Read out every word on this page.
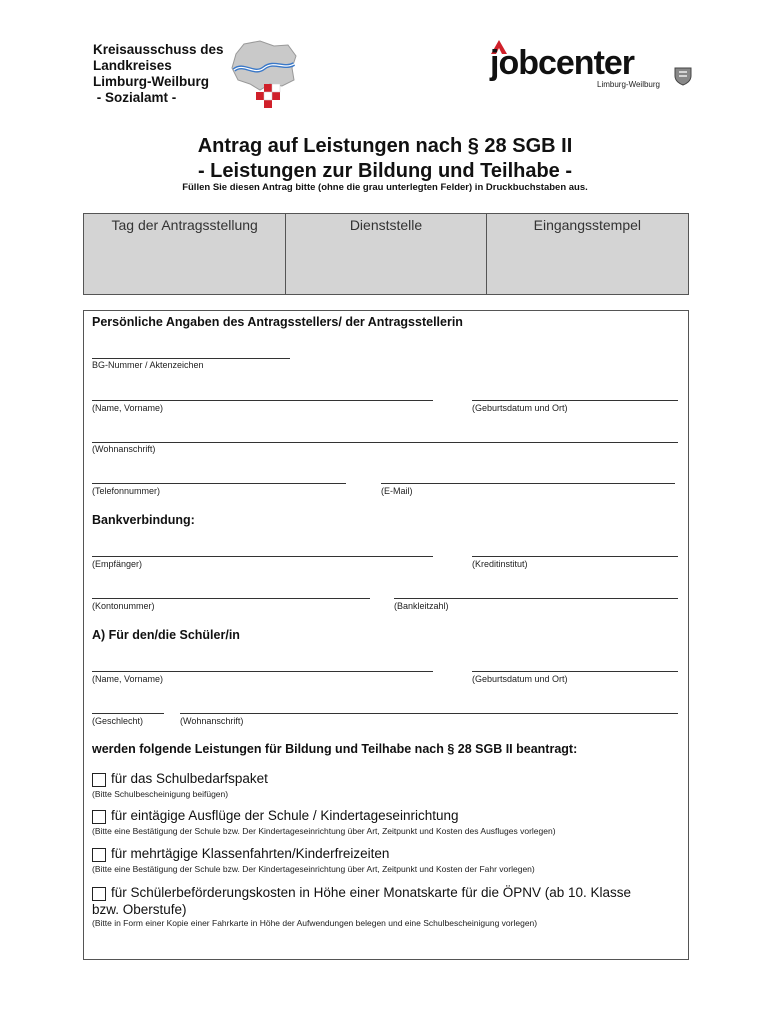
Kreisausschuss des
Landkreises
Limburg-Weilburg
- Sozialamt -
jobcenter
Limburg-Weilburg
Antrag auf Leistungen nach § 28 SGB II
- Leistungen zur Bildung und Teilhabe -
Füllen Sie diesen Antrag bitte (ohne die grau unterlegten Felder) in Druckbuchstaben aus.
Tag der Antragsstellung	Dienststelle	Eingangsstempel
Persönliche Angaben des Antragsstellers/ der Antragsstellerin
BG-Nummer / Aktenzeichen
(Name, Vorname)	(Geburtsdatum und Ort)
(Wohnanschrift)
(Telefonnummer)	(E-Mail)
Bankverbindung:
(Empfänger)	(Kreditinstitut)
(Kontonummer)	(Bankleitzahl)
A) Für den/die Schüler/in
(Name, Vorname)	(Geburtsdatum und Ort)
(Geschlecht)	(Wohnanschrift)
werden folgende Leistungen für Bildung und Teilhabe nach § 28 SGB II beantragt:
für das Schulbedarfspaket
(Bitte Schulbescheinigung beifügen)
für eintägige Ausflüge der Schule / Kindertageseinrichtung
(Bitte eine Bestätigung der Schule bzw. Der Kindertageseinrichtung über Art, Zeitpunkt und Kosten des Ausfluges vorlegen)
für mehrtägige Klassenfahrten/Kinderfreizeiten
(Bitte eine Bestätigung der Schule bzw. Der Kindertageseinrichtung über Art, Zeitpunkt und Kosten der Fahr vorlegen)
für Schülerbeförderungskosten in Höhe einer Monatskarte für die ÖPNV (ab 10. Klasse
bzw. Oberstufe)
(Bitte in Form einer Kopie einer Fahrkarte in Höhe der Aufwendungen belegen und eine Schulbescheinigung vorlegen)
